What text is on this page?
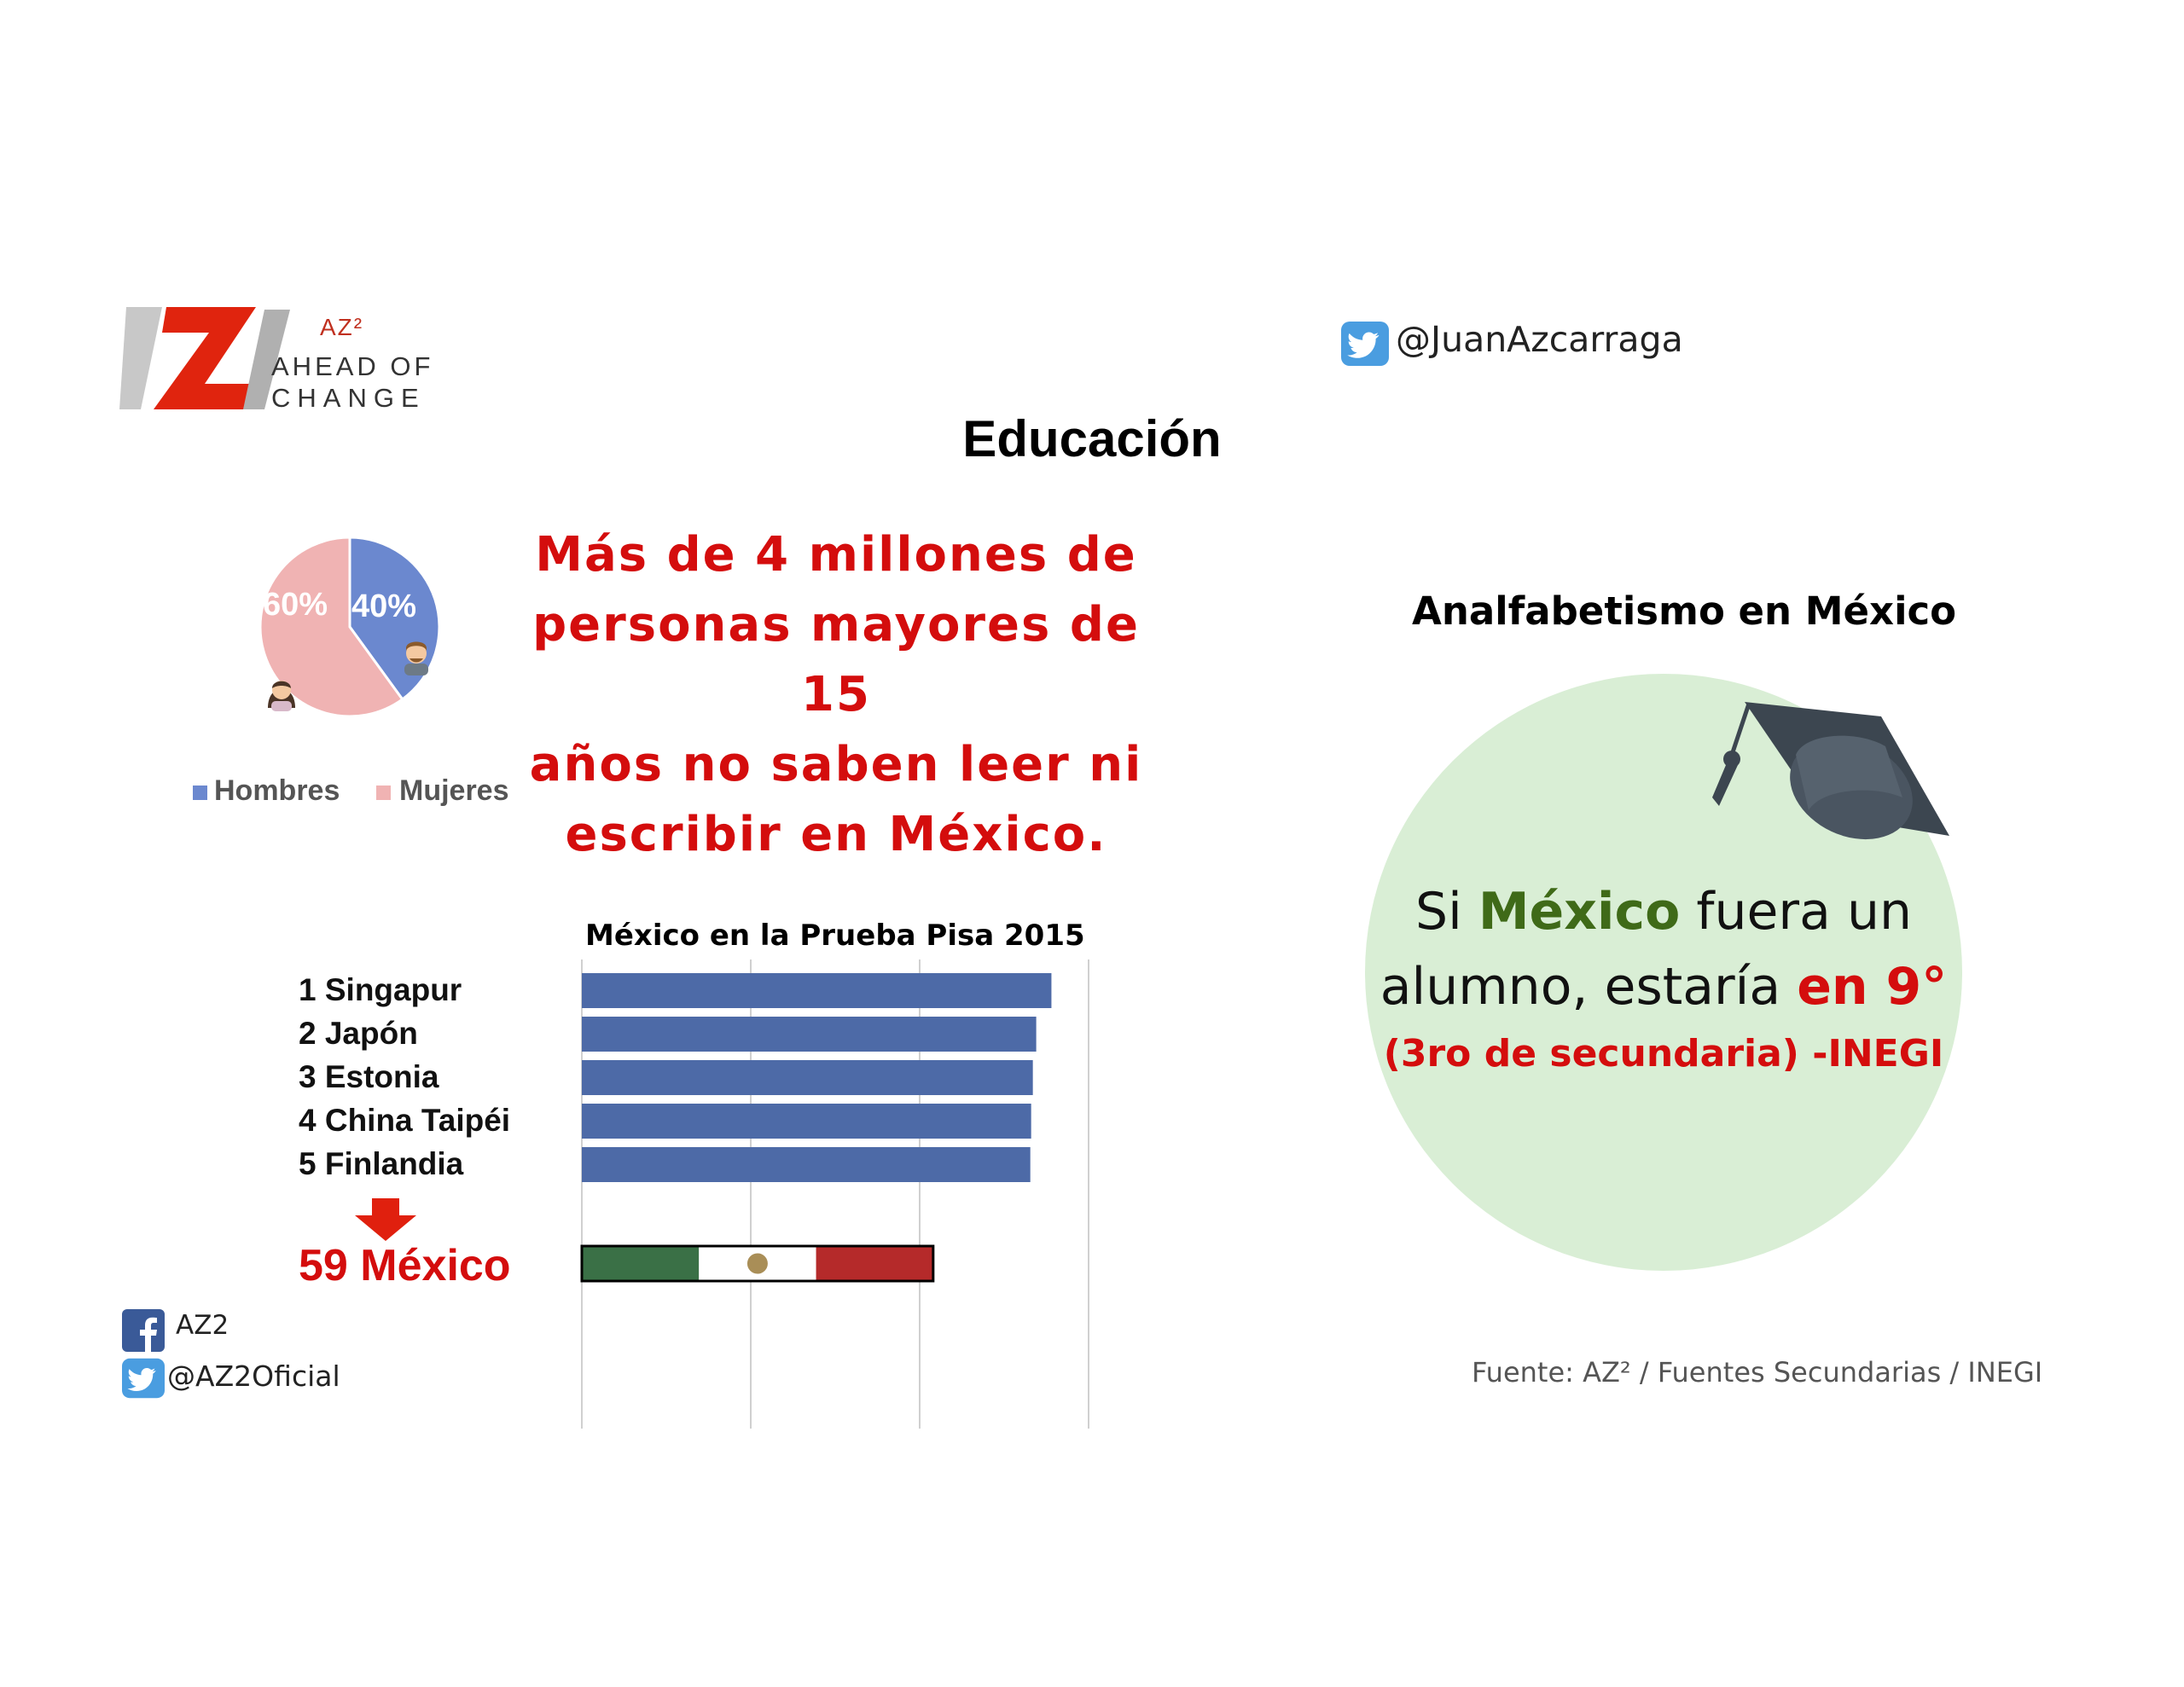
AZ²
AHEAD OF
CHANGE
@JuanAzcarraga
Educación
60% 40%
Hombres Mujeres
Más de 4 millones de
personas mayores de 15
años no saben leer ni
escribir en México.
México en la Prueba Pisa 2015
1 Singapur
2 Japón
3 Estonia
4 China Taipéi
5 Finlandia
59 México
AZ2
@AZ2Oficial
Analfabetismo en México
Si México fuera un
alumno, estaría en 9°
(3ro de secundaria) -INEGI
Fuente: AZ² / Fuentes Secundarias / INEGI
